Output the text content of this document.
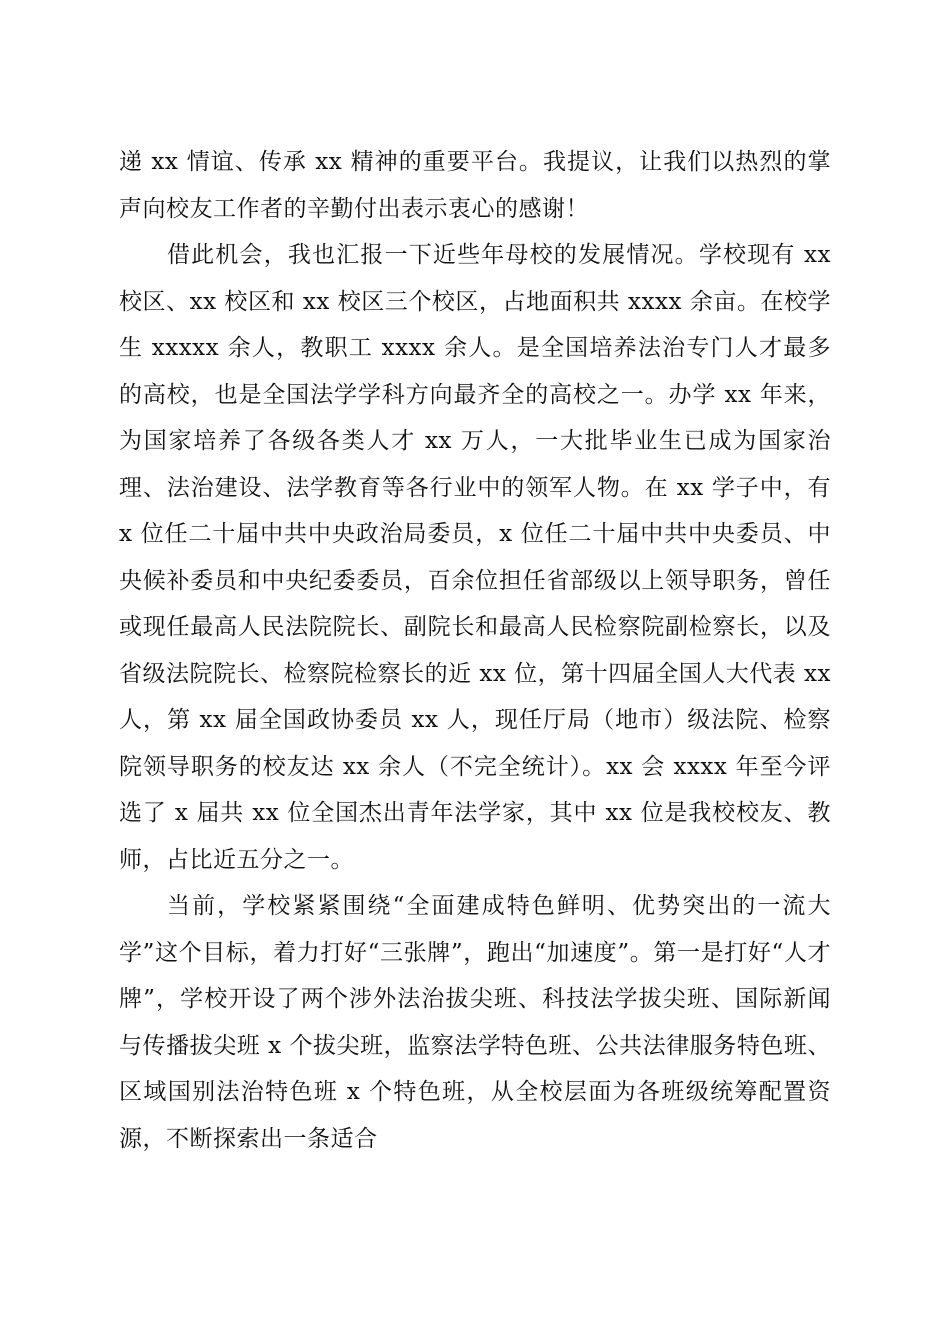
递 xx 情谊、传承 xx 精神的重要平台。我提议，让我们以热烈的掌声向校友工作者的辛勤付出表示衷心的感谢！

借此机会，我也汇报一下近些年母校的发展情况。学校现有 xx 校区、xx 校区和 xx 校区三个校区，占地面积共 xxxx 余亩。在校学生 xxxxx 余人，教职工 xxxx 余人。是全国培养法治专门人才最多的高校，也是全国法学学科方向最齐全的高校之一。办学 xx 年来，为国家培养了各级各类人才 xx 万人，一大批毕业生已成为国家治理、法治建设、法学教育等各行业中的领军人物。在 xx 学子中，有 x 位任二十届中共中央政治局委员，x 位任二十届中共中央委员、中央候补委员和中央纪委委员，百余位担任省部级以上领导职务，曾任或现任最高人民法院院长、副院长和最高人民检察院副检察长，以及省级法院院长、检察院检察长的近 xx 位，第十四届全国人大代表 xx 人，第 xx 届全国政协委员 xx 人，现任厅局（地市）级法院、检察院领导职务的校友达 xx 余人（不完全统计）。xx 会 xxxx 年至今评选了 x 届共 xx 位全国杰出青年法学家，其中 xx 位是我校校友、教师，占比近五分之一。

当前，学校紧紧围绕“全面建成特色鲜明、优势突出的一流大学”这个目标，着力打好“三张牌”，跑出“加速度”。第一是打好“人才牌”，学校开设了两个涉外法治拔尖班、科技法学拔尖班、国际新闻与传播拔尖班 x 个拔尖班，监察法学特色班、公共法律服务特色班、区域国别法治特色班 x 个特色班，从全校层面为各班级统筹配置资源，不断探索出一条适合
